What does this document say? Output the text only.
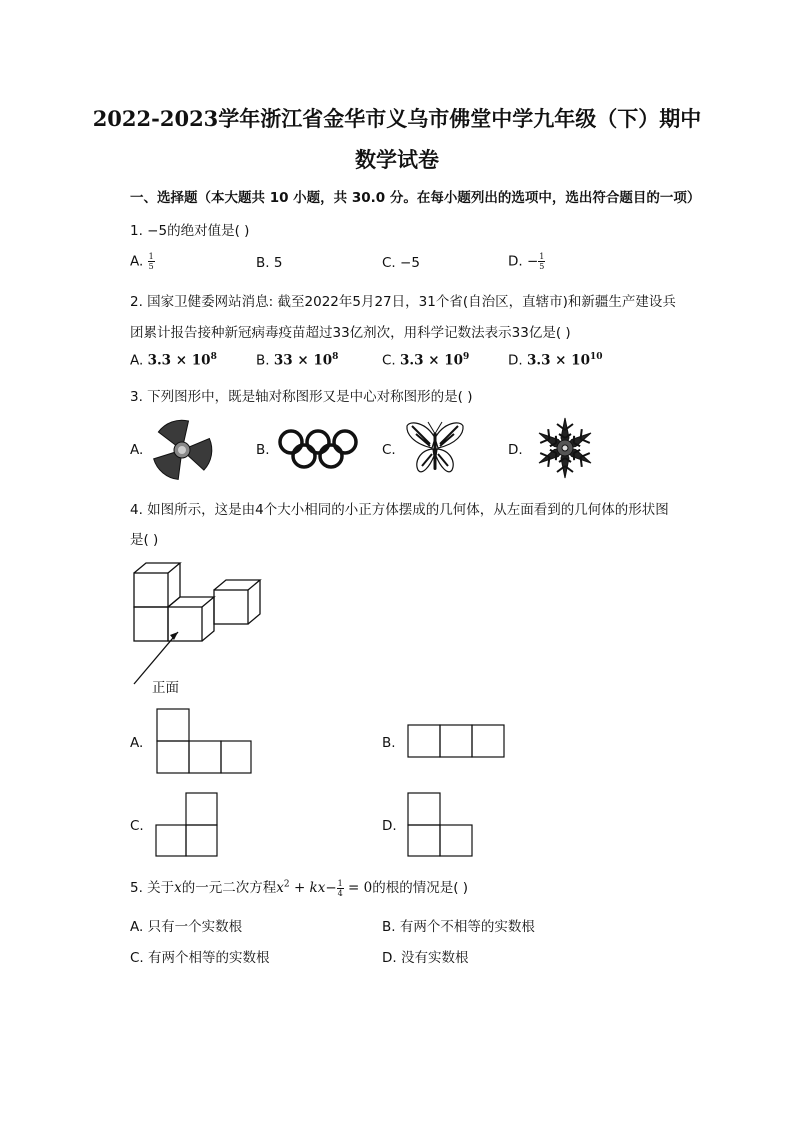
2022-2023学年浙江省金华市义乌市佛堂中学九年级（下）期中
数学试卷
一、选择题（本大题共 10 小题，共 30.0 分。在每小题列出的选项中，选出符合题目的一项）
1. −5的绝对值是( )
A. $\frac{1}{5}$	B. 5	C. −5	D. − $\frac{1}{5}$
2. 国家卫健委网站消息: 截至2022年5月27日，31个省(自治区，直辖市)和新疆生产建设兵
团累计报告接种新冠病毒疫苗超过33亿剂次，用科学记数法表示33亿是( )
A. $3.3 \times 10^8$	B. $33 \times 10^8$	C. $3.3 \times 10^9$	D. $3.3 \times 10^{10}$
3. 下列图形中，既是轴对称图形又是中心对称图形的是( )
A.	B.	C.	D.
4. 如图所示，这是由4个大小相同的小正方体摆成的几何体，从左面看到的几何体的形状图
是( )
正面
A.	B.
C.	D.
5. 关于x的一元二次方程$x^2 + kx- \frac{1}{4} = 0$的根的情况是( )
A. 只有一个实数根	B. 有两个不相等的实数根
C. 有两个相等的实数根	D. 没有实数根
